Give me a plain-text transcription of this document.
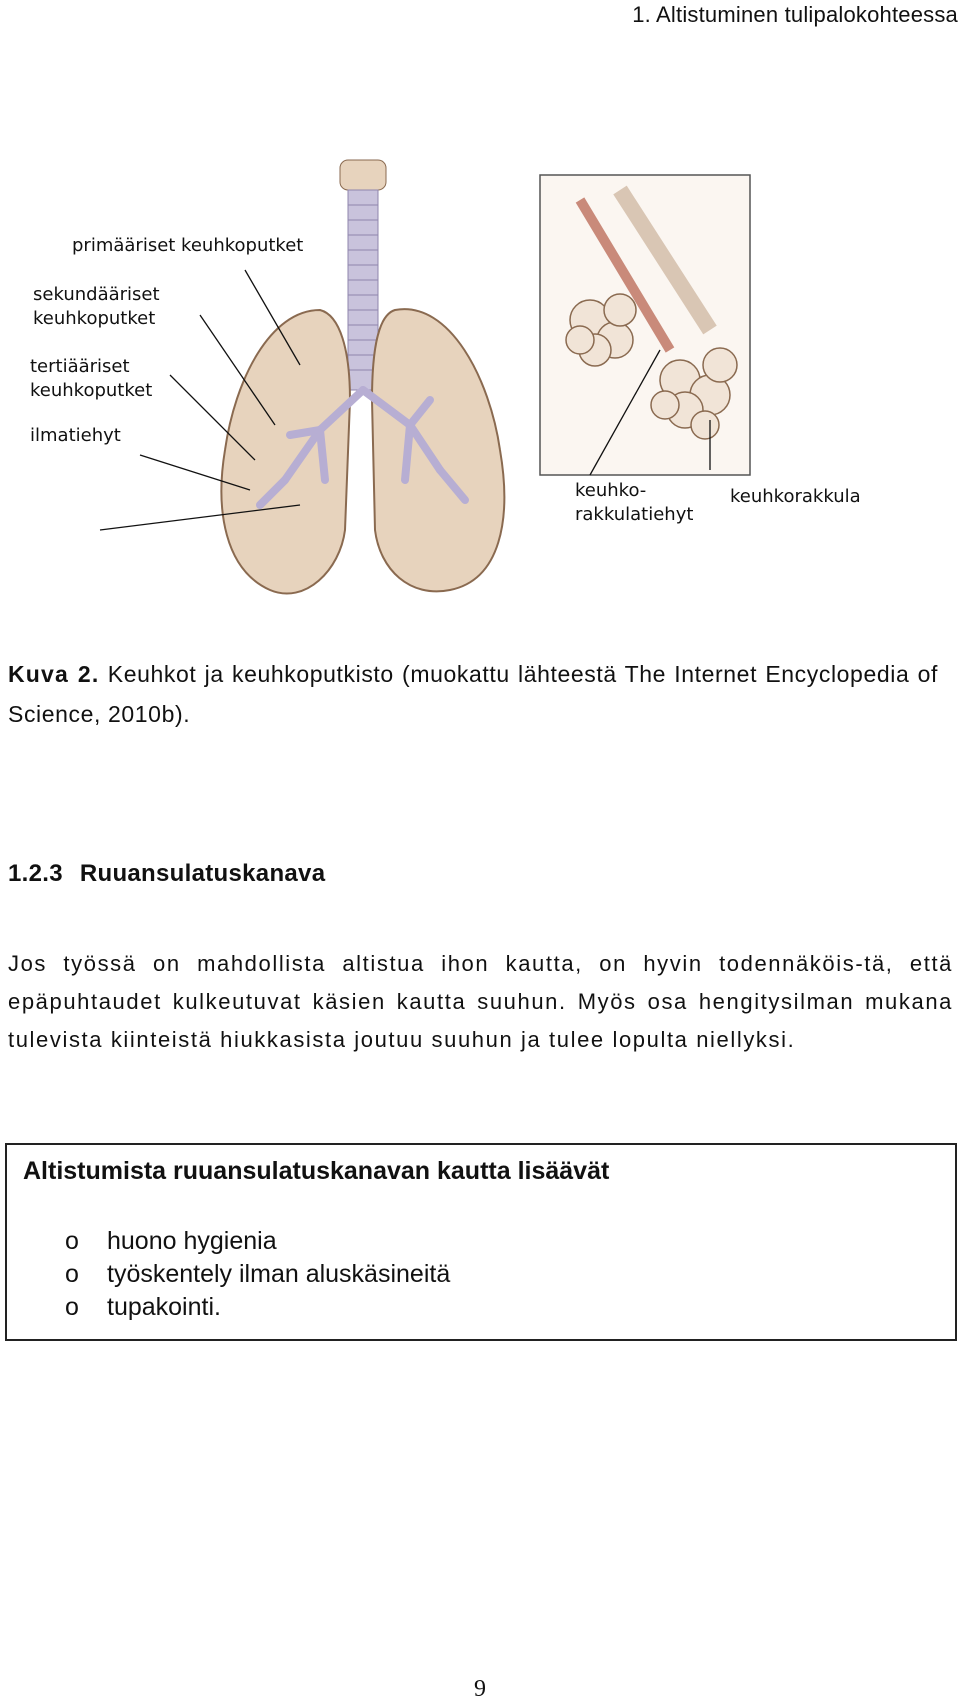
1. Altistuminen tulipalokohteessa
primääriset keuhkoputket
sekundääriset
keuhkoputket
tertiääriset
keuhkoputket
ilmatiehyt
keuhko-
rakkulatiehyt
keuhkorakkula
Kuva 2. Keuhkot ja keuhkoputkisto (muokattu lähteestä The Internet Encyclopedia of Science, 2010b).
1.2.3 Ruuansulatuskanava
Jos työssä on mahdollista altistua ihon kautta, on hyvin todennäköis-tä, että epäpuhtaudet kulkeutuvat käsien kautta suuhun. Myös osa hengitysilman mukana tulevista kiinteistä hiukkasista joutuu suuhun ja tulee lopulta niellyksi.
Altistumista ruuansulatuskanavan kautta lisäävät
o	huono hygienia
o	työskentely ilman aluskäsineitä
o	tupakointi.
9
